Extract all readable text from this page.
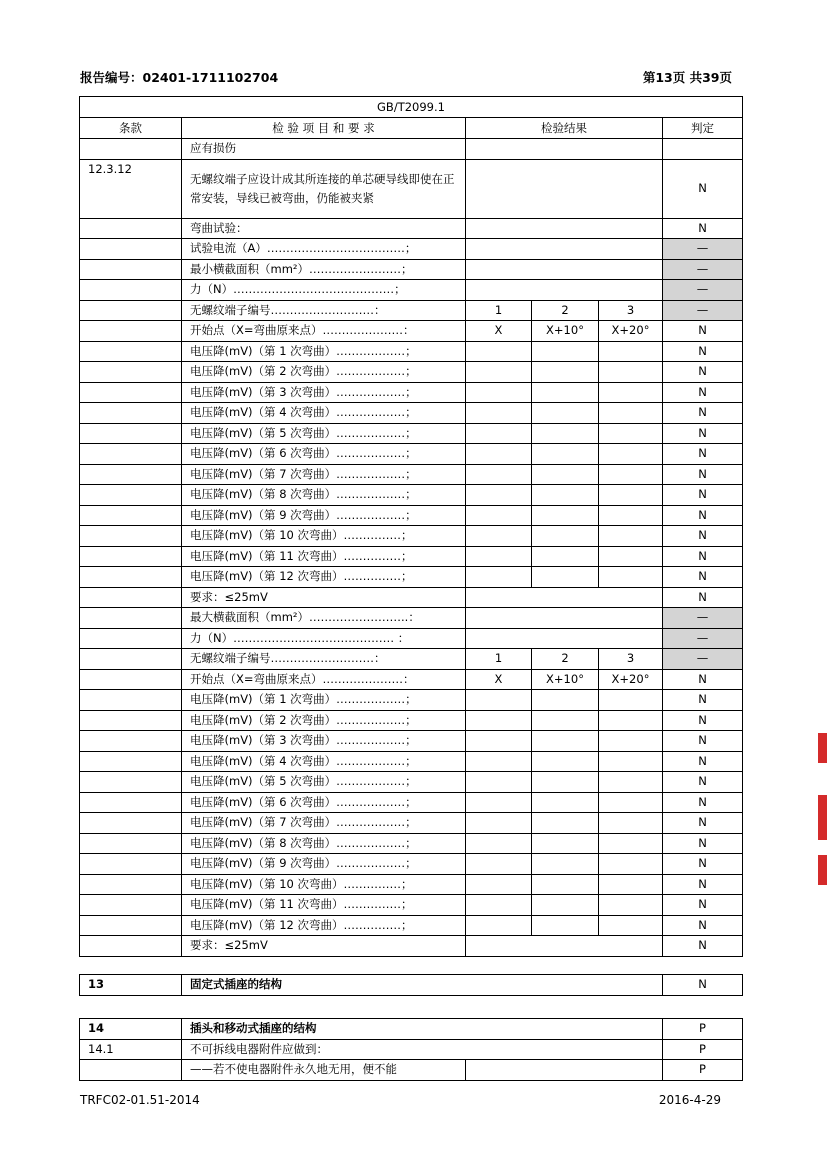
报告编号：02401-1711102704	第13页 共39页
GB/T2099.1
条款	检 验 项 目 和 要 求	检验结果	判定
	应有损伤				
12.3.12	无螺纹端子应设计成其所连接的单芯硬导线即使在正常安装，导线已被弯曲，仍能被夹紧				N
	弯曲试验：				N
	试验电流（A）………………………………；				—
	最小横截面积（mm²）……………………；				—
	力（N）……………………………………；				—
	无螺纹端子编号………………………：	1	2	3	—
	开始点（X=弯曲原来点）…………………：	X	X+10°	X+20°	N
	电压降(mV)（第 1 次弯曲）………………；				N
	电压降(mV)（第 2 次弯曲）………………；				N
	电压降(mV)（第 3 次弯曲）………………；				N
	电压降(mV)（第 4 次弯曲）………………；				N
	电压降(mV)（第 5 次弯曲）………………；				N
	电压降(mV)（第 6 次弯曲）………………；				N
	电压降(mV)（第 7 次弯曲）………………；				N
	电压降(mV)（第 8 次弯曲）………………；				N
	电压降(mV)（第 9 次弯曲）………………；				N
	电压降(mV)（第 10 次弯曲）……………；				N
	电压降(mV)（第 11 次弯曲）……………；				N
	电压降(mV)（第 12 次弯曲）……………；				N
	要求：≤25mV				N
	最大横截面积（mm²）……………………..：				—
	力（N）…………………………………… ：				—
	无螺纹端子编号………………………：	1	2	3	—
	开始点（X=弯曲原来点）…………………：	X	X+10°	X+20°	N
	电压降(mV)（第 1 次弯曲）………………；				N
	电压降(mV)（第 2 次弯曲）………………；				N
	电压降(mV)（第 3 次弯曲）………………；				N
	电压降(mV)（第 4 次弯曲）………………；				N
	电压降(mV)（第 5 次弯曲）………………；				N
	电压降(mV)（第 6 次弯曲）………………；				N
	电压降(mV)（第 7 次弯曲）………………；				N
	电压降(mV)（第 8 次弯曲）………………；				N
	电压降(mV)（第 9 次弯曲）………………；				N
	电压降(mV)（第 10 次弯曲）……………；				N
	电压降(mV)（第 11 次弯曲）……………；				N
	电压降(mV)（第 12 次弯曲）……………；				N
	要求：≤25mV				N
13	固定式插座的结构	N
14	插头和移动式插座的结构		P
14.1	不可拆线电器附件应做到：		P
	——若不使电器附件永久地无用，便不能		P
TRFC02-01.51-2014	2016-4-29
